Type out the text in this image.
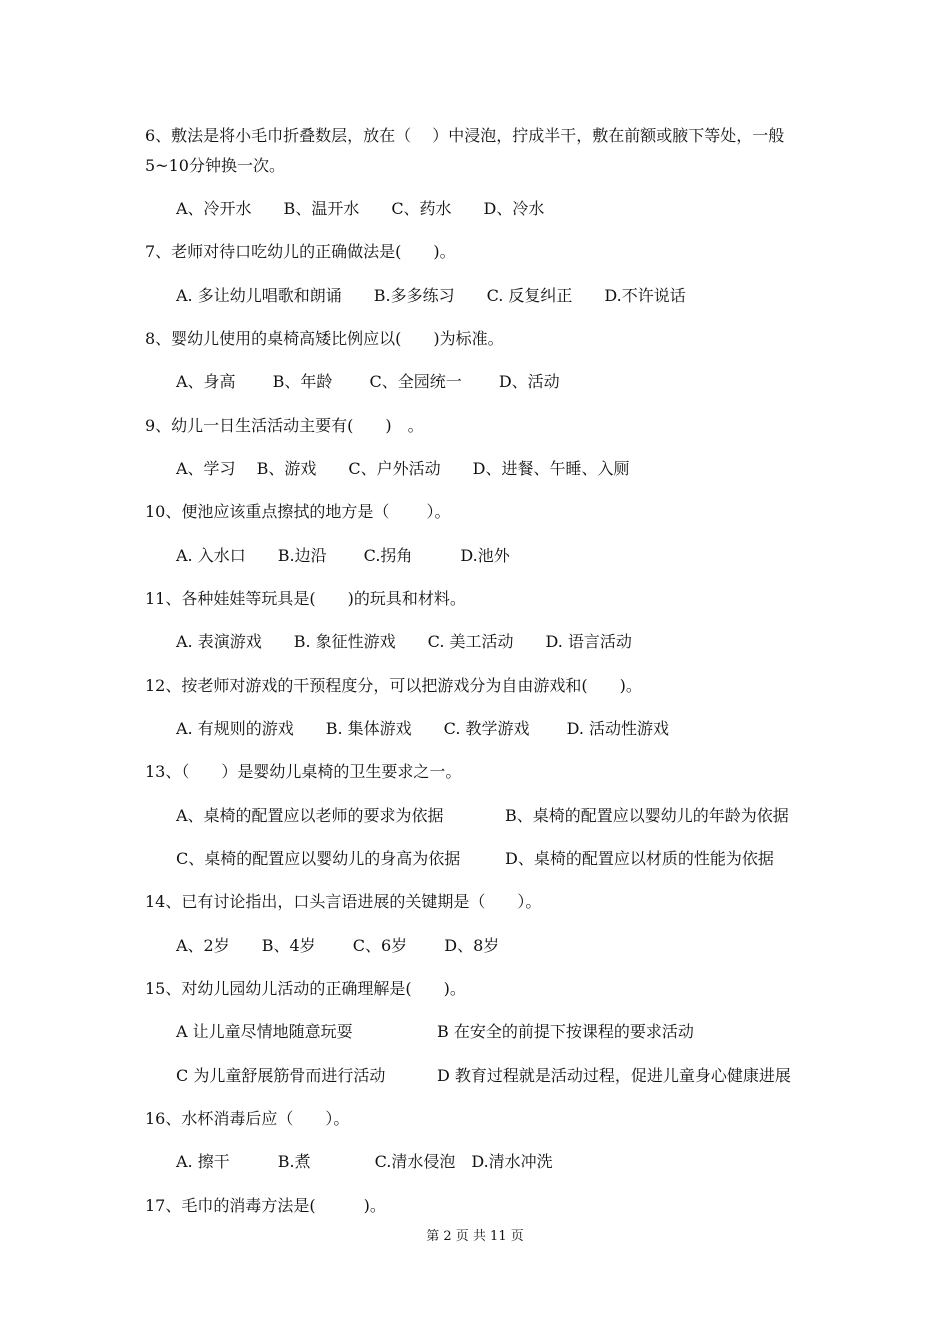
6、敷法是将小毛巾折叠数层，放在（　 ）中浸泡，拧成半干，敷在前额或腋下等处，一般
5~10分钟换一次。
A、冷开水　　B、温开水　　C、药水　　D、冷水
7、老师对待口吃幼儿的正确做法是(　　)。
A. 多让幼儿唱歌和朗诵　　B.多多练习　　C. 反复纠正　　D.不许说话
8、婴幼儿使用的桌椅高矮比例应以(　　)为标准。
A、身高　　 B、年龄　　 C、全园统一　　 D、活动
9、幼儿一日生活活动主要有(　　)　。
A、学习　 B、游戏　　C、户外活动　　D、进餐、午睡、入厕
10、便池应该重点擦拭的地方是（　　 ）。
A. 入水口　　B.边沿　　 C.拐角　　　D.池外
11、各种娃娃等玩具是(　　)的玩具和材料。
A. 表演游戏　　B. 象征性游戏　　C. 美工活动　　D. 语言活动
12、按老师对游戏的干预程度分，可以把游戏分为自由游戏和(　　)。
A. 有规则的游戏　　B. 集体游戏　　C. 教学游戏　　 D. 活动性游戏
13、（　　）是婴幼儿桌椅的卫生要求之一。
A、桌椅的配置应以老师的要求为依据	B、桌椅的配置应以婴幼儿的年龄为依据
C、桌椅的配置应以婴幼儿的身高为依据	D、桌椅的配置应以材质的性能为依据
14、已有讨论指出，口头言语进展的关键期是（　　）。
A、2岁　　B、4岁　　 C、6岁　　 D、8岁
15、对幼儿园幼儿活动的正确理解是(　　)。
A 让儿童尽情地随意玩耍	B 在安全的前提下按课程的要求活动
C 为儿童舒展筋骨而进行活动	D 教育过程就是活动过程，促进儿童身心健康进展
16、水杯消毒后应（　　）。
A. 擦干　　　B.煮　　　　C.清水侵泡　D.清水冲洗
17、毛巾的消毒方法是(　　　)。
第 2 页 共 11 页
